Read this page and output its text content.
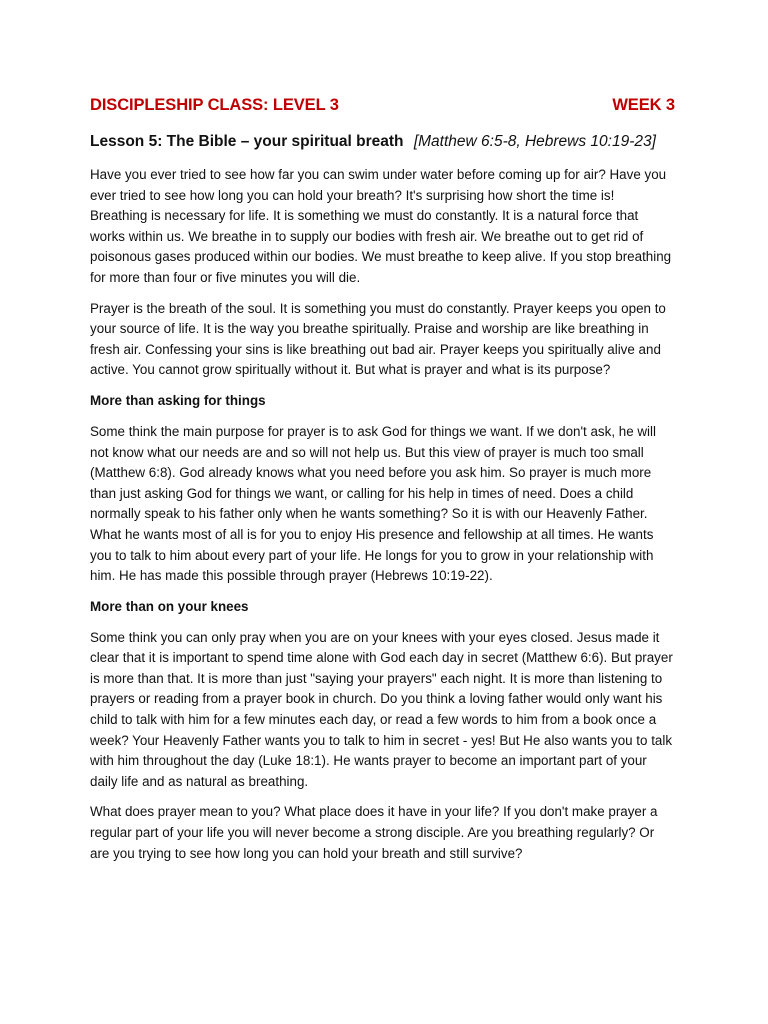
DISCIPLESHIP CLASS: LEVEL 3	WEEK 3
Lesson 5: The Bible – your spiritual breath [Matthew 6:5-8, Hebrews 10:19-23]

Have you ever tried to see how far you can swim under water before coming up for air? Have you ever tried to see how long you can hold your breath? It's surprising how short the time is! Breathing is necessary for life. It is something we must do constantly. It is a natural force that works within us. We breathe in to supply our bodies with fresh air. We breathe out to get rid of poisonous gases produced within our bodies. We must breathe to keep alive. If you stop breathing for more than four or five minutes you will die.

Prayer is the breath of the soul. It is something you must do constantly. Prayer keeps you open to your source of life. It is the way you breathe spiritually. Praise and worship are like breathing in fresh air. Confessing your sins is like breathing out bad air. Prayer keeps you spiritually alive and active. You cannot grow spiritually without it. But what is prayer and what is its purpose?

More than asking for things

Some think the main purpose for prayer is to ask God for things we want. If we don't ask, he will not know what our needs are and so will not help us. But this view of prayer is much too small (Matthew 6:8). God already knows what you need before you ask him. So prayer is much more than just asking God for things we want, or calling for his help in times of need. Does a child normally speak to his father only when he wants something? So it is with our Heavenly Father. What he wants most of all is for you to enjoy His presence and fellowship at all times. He wants you to talk to him about every part of your life. He longs for you to grow in your relationship with him. He has made this possible through prayer (Hebrews 10:19-22).

More than on your knees

Some think you can only pray when you are on your knees with your eyes closed. Jesus made it clear that it is important to spend time alone with God each day in secret (Matthew 6:6). But prayer is more than that. It is more than just "saying your prayers" each night. It is more than listening to prayers or reading from a prayer book in church. Do you think a loving father would only want his child to talk with him for a few minutes each day, or read a few words to him from a book once a week? Your Heavenly Father wants you to talk to him in secret - yes! But He also wants you to talk with him throughout the day (Luke 18:1). He wants prayer to become an important part of your daily life and as natural as breathing.

What does prayer mean to you? What place does it have in your life? If you don't make prayer a regular part of your life you will never become a strong disciple. Are you breathing regularly? Or are you trying to see how long you can hold your breath and still survive?
